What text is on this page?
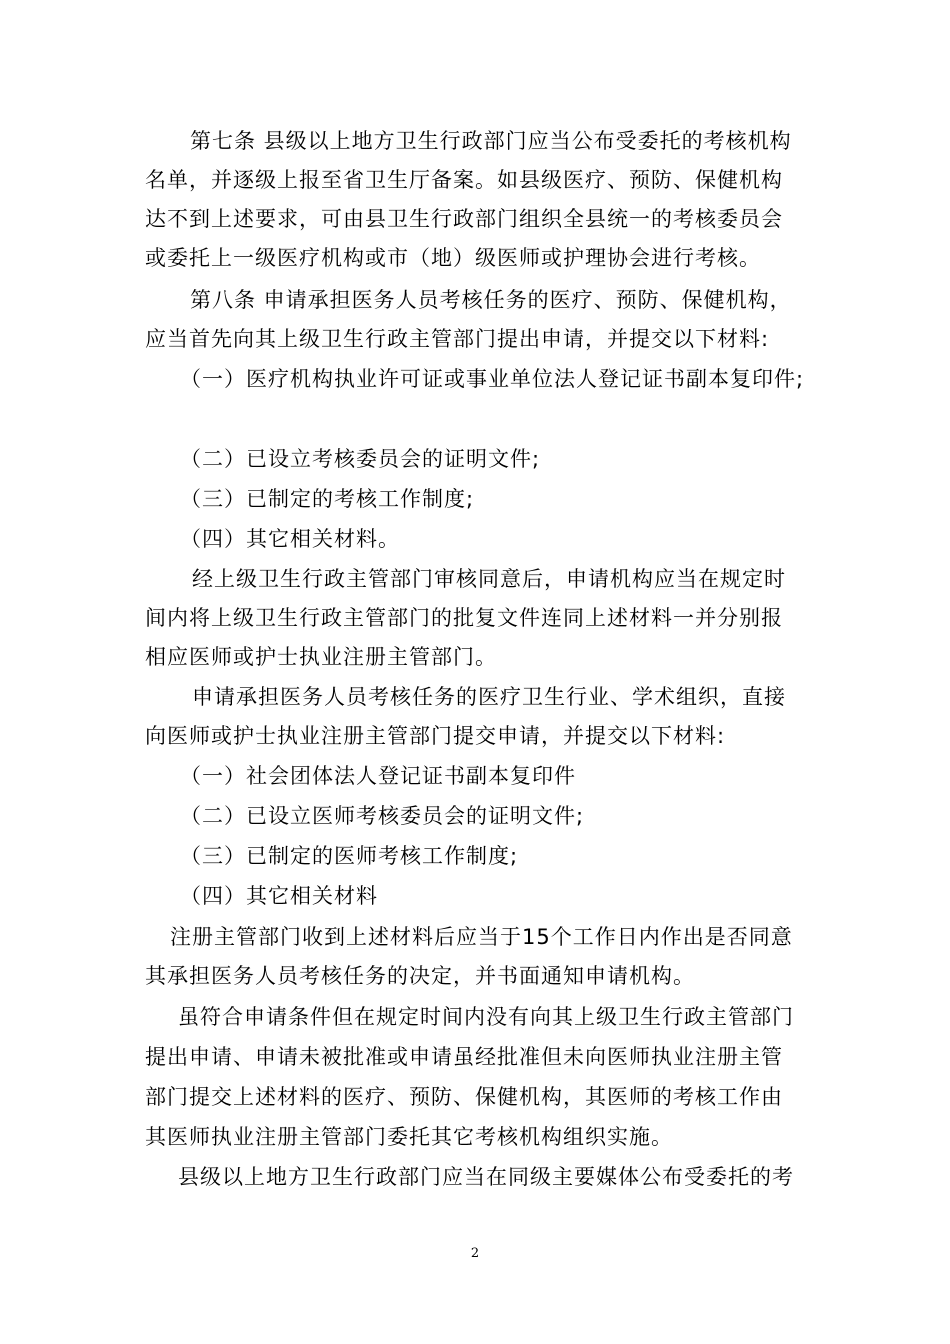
第七条 县级以上地方卫生行政部门应当公布受委托的考核机构
名单，并逐级上报至省卫生厅备案。如县级医疗、预防、保健机构
达不到上述要求，可由县卫生行政部门组织全县统一的考核委员会
或委托上一级医疗机构或市（地）级医师或护理协会进行考核。
第八条 申请承担医务人员考核任务的医疗、预防、保健机构，
应当首先向其上级卫生行政主管部门提出申请，并提交以下材料:
（一）医疗机构执业许可证或事业单位法人登记证书副本复印件;
（二）已设立考核委员会的证明文件;
（三）已制定的考核工作制度;
（四）其它相关材料。
经上级卫生行政主管部门审核同意后，申请机构应当在规定时
间内将上级卫生行政主管部门的批复文件连同上述材料一并分别报
相应医师或护士执业注册主管部门。
申请承担医务人员考核任务的医疗卫生行业、学术组织，直接
向医师或护士执业注册主管部门提交申请，并提交以下材料:
（一）社会团体法人登记证书副本复印件
（二）已设立医师考核委员会的证明文件;
（三）已制定的医师考核工作制度;
（四）其它相关材料
注册主管部门收到上述材料后应当于15个工作日内作出是否同意
其承担医务人员考核任务的决定，并书面通知申请机构。
虽符合申请条件但在规定时间内没有向其上级卫生行政主管部门
提出申请、申请未被批准或申请虽经批准但未向医师执业注册主管
部门提交上述材料的医疗、预防、保健机构，其医师的考核工作由
其医师执业注册主管部门委托其它考核机构组织实施。
县级以上地方卫生行政部门应当在同级主要媒体公布受委托的考
2
